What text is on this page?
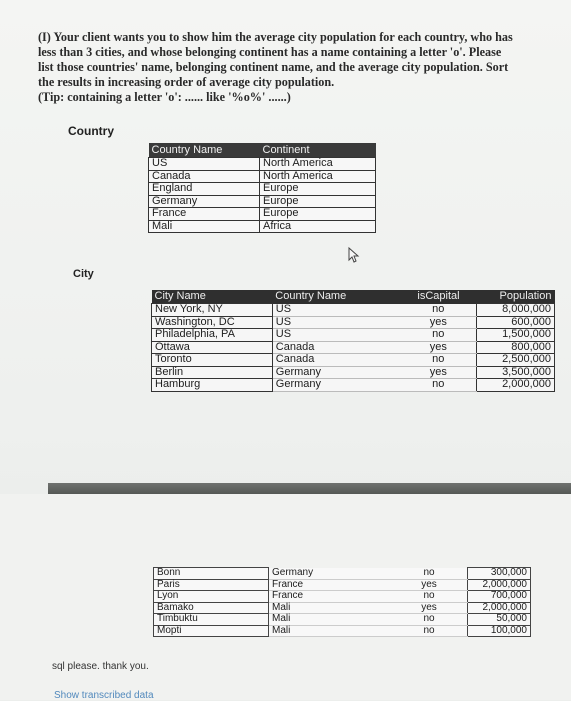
(I) Your client wants you to show him the average city population for each country, who has

less than 3 cities, and whose belonging continent has a name containing a letter 'o'. Please

list those countries' name, belonging continent name, and the average city population. Sort

the results in increasing order of average city population.

(Tip: containing a letter 'o': ...... like '%o%' ......)

Country
Country Name	Continent
US	North America
Canada	North America
England	Europe
Germany	Europe
France	Europe
Mali	Africa
City
City Name	Country Name	isCapital	Population
New York, NY	US	no	8,000,000
Washington, DC	US	yes	600,000
Philadelphia, PA	US	no	1,500,000
Ottawa	Canada	yes	800,000
Toronto	Canada	no	2,500,000
Berlin	Germany	yes	3,500,000
Hamburg	Germany	no	2,000,000
Bonn	Germany	no	300,000
Paris	France	yes	2,000,000
Lyon	France	no	700,000
Bamako	Mali	yes	2,000,000
Timbuktu	Mali	no	50,000
Mopti	Mali	no	100,000
sql please. thank you.
Show transcribed data
